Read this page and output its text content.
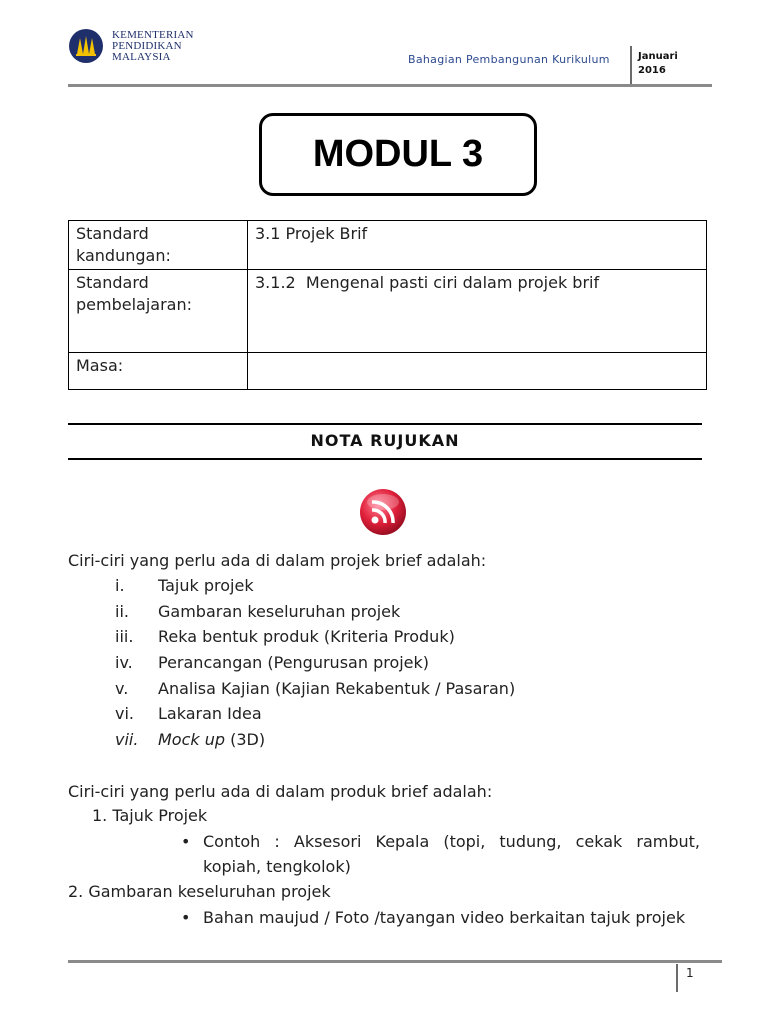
KEMENTERIAN
PENDIDIKAN
MALAYSIA	Bahagian Pembangunan Kurikulum	Januari
2016
MODUL 3
Standard kandungan:	3.1 Projek Brif
Standard pembelajaran:	3.1.2  Mengenal pasti ciri dalam projek brif
Masa:	
NOTA RUJUKAN
Ciri-ciri yang perlu ada di dalam projek brief adalah:
i. Tajuk projek
ii. Gambaran keseluruhan projek
iii. Reka bentuk produk (Kriteria Produk)
iv. Perancangan (Pengurusan projek)
v. Analisa Kajian (Kajian Rekabentuk / Pasaran)
vi. Lakaran Idea
vii. Mock up (3D)
Ciri-ciri yang perlu ada di dalam produk brief adalah:
1. Tajuk Projek
• Contoh : Aksesori Kepala (topi, tudung, cekak rambut, kopiah, tengkolok)
2. Gambaran keseluruhan projek
• Bahan maujud / Foto /tayangan video berkaitan tajuk projek
1
